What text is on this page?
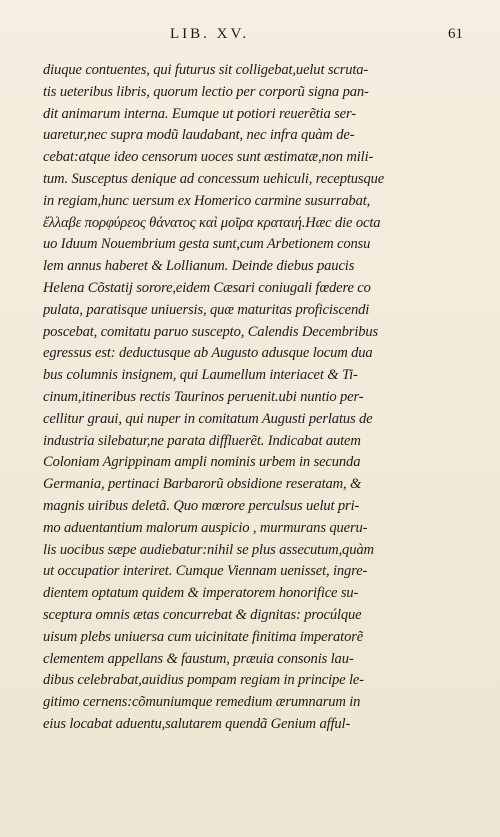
LIB. XV.	61
diuque contuentes, qui futurus sit colligebat,uelut scruta-
tis ueteribus libris, quorum lectio per corporũ signa pan-
dit animarum interna. Eumque ut potiori reuerẽtia ser-
uaretur,nec supra modũ laudabant, nec infra quàm de-
cebat:atque ideo censorum uoces sunt æstimatæ,non mili-
tum. Susceptus denique ad concessum uehiculi, receptusque
in regiam,hunc uersum ex Homerico carmine susurrabat,
ἔλλαβε πορφύρεος θάνατος καὶ μοῖρα κραταιή.Hæc die octa
uo Iduum Nouembrium gesta sunt,cum Arbetionem consu
lem annus haberet & Lollianum. Deinde diebus paucis
Helena Cõstatij sorore,eidem Cæsari coniugali fœdere co
pulata, paratisque uniuersis, quæ maturitas proficiscendi
poscebat, comitatu paruo suscepto, Calendis Decembribus
egressus est: deductusque ab Augusto adusque locum dua
bus columnis insignem, qui Laumellum interiacet & Ti-
cinum,itineribus rectis Taurinos peruenit.ubi nuntio per-
cellitur graui, qui nuper in comitatum Augusti perlatus de
industria silebatur,ne parata diffluerẽt. Indicabat autem
Coloniam Agrippinam ampli nominis urbem in secunda
Germania, pertinaci Barbarorũ obsidione reseratam, &
magnis uiribus deletã. Quo mœrore perculsus uelut pri-
mo aduentantium malorum auspicio , murmurans queru-
lis uocibus sæpe audiebatur:nihil se plus assecutum,quàm
ut occupatior interiret. Cumque Viennam uenisset, ingre-
dientem optatum quidem & imperatorem honorifice su-
sceptura omnis ætas concurrebat & dignitas: procúlque
uisum plebs uniuersa cum uicinitate finitima imperatorẽ
clementem appellans & faustum, præuia consonis lau-
dibus celebrabat,auidius pompam regiam in principe le-
gitimo cernens:cõmuniumque remedium ærumnarum in
eius locabat aduentu,salutarem quendã Genium afful-
